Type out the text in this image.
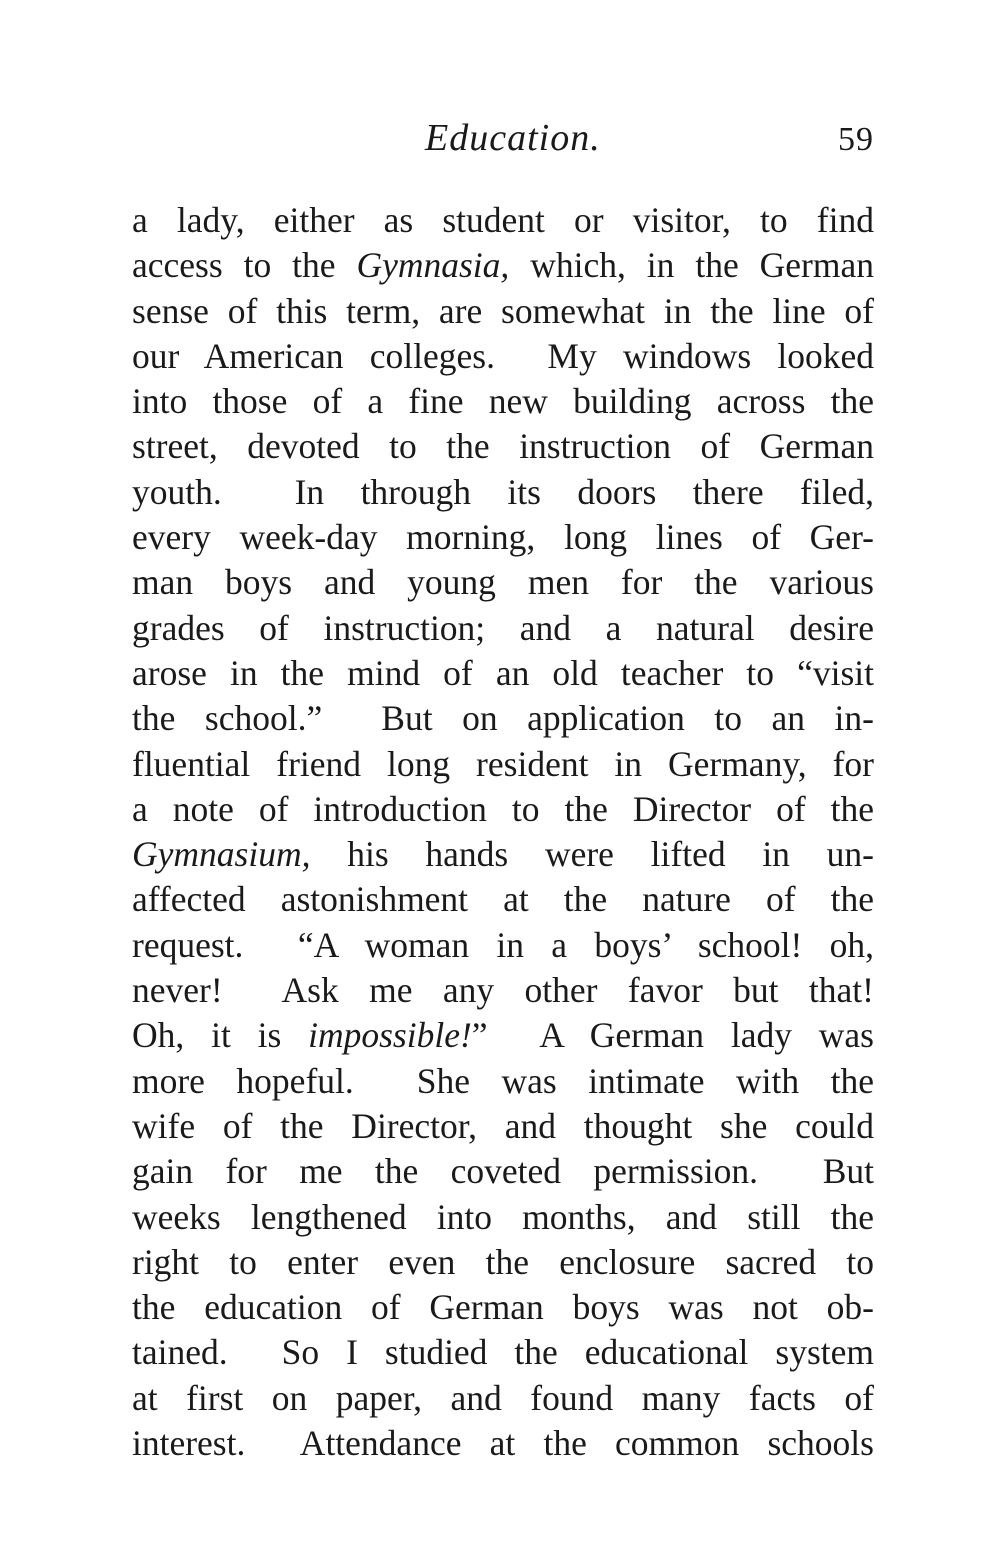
Education.	59
a lady, either as student or visitor, to find
access to the Gymnasia, which, in the German
sense of this term, are somewhat in the line of
our American colleges.  My windows looked
into those of a fine new building across the
street, devoted to the instruction of German
youth.  In through its doors there filed,
every week-day morning, long lines of Ger-
man boys and young men for the various
grades of instruction; and a natural desire
arose in the mind of an old teacher to “visit
the school.”  But on application to an in-
fluential friend long resident in Germany, for
a note of introduction to the Director of the
Gymnasium, his hands were lifted in un-
affected astonishment at the nature of the
request.  “A woman in a boys’ school! oh,
never!  Ask me any other favor but that!
Oh, it is impossible!”  A German lady was
more hopeful.  She was intimate with the
wife of the Director, and thought she could
gain for me the coveted permission.  But
weeks lengthened into months, and still the
right to enter even the enclosure sacred to
the education of German boys was not ob-
tained.  So I studied the educational system
at first on paper, and found many facts of
interest.  Attendance at the common schools
